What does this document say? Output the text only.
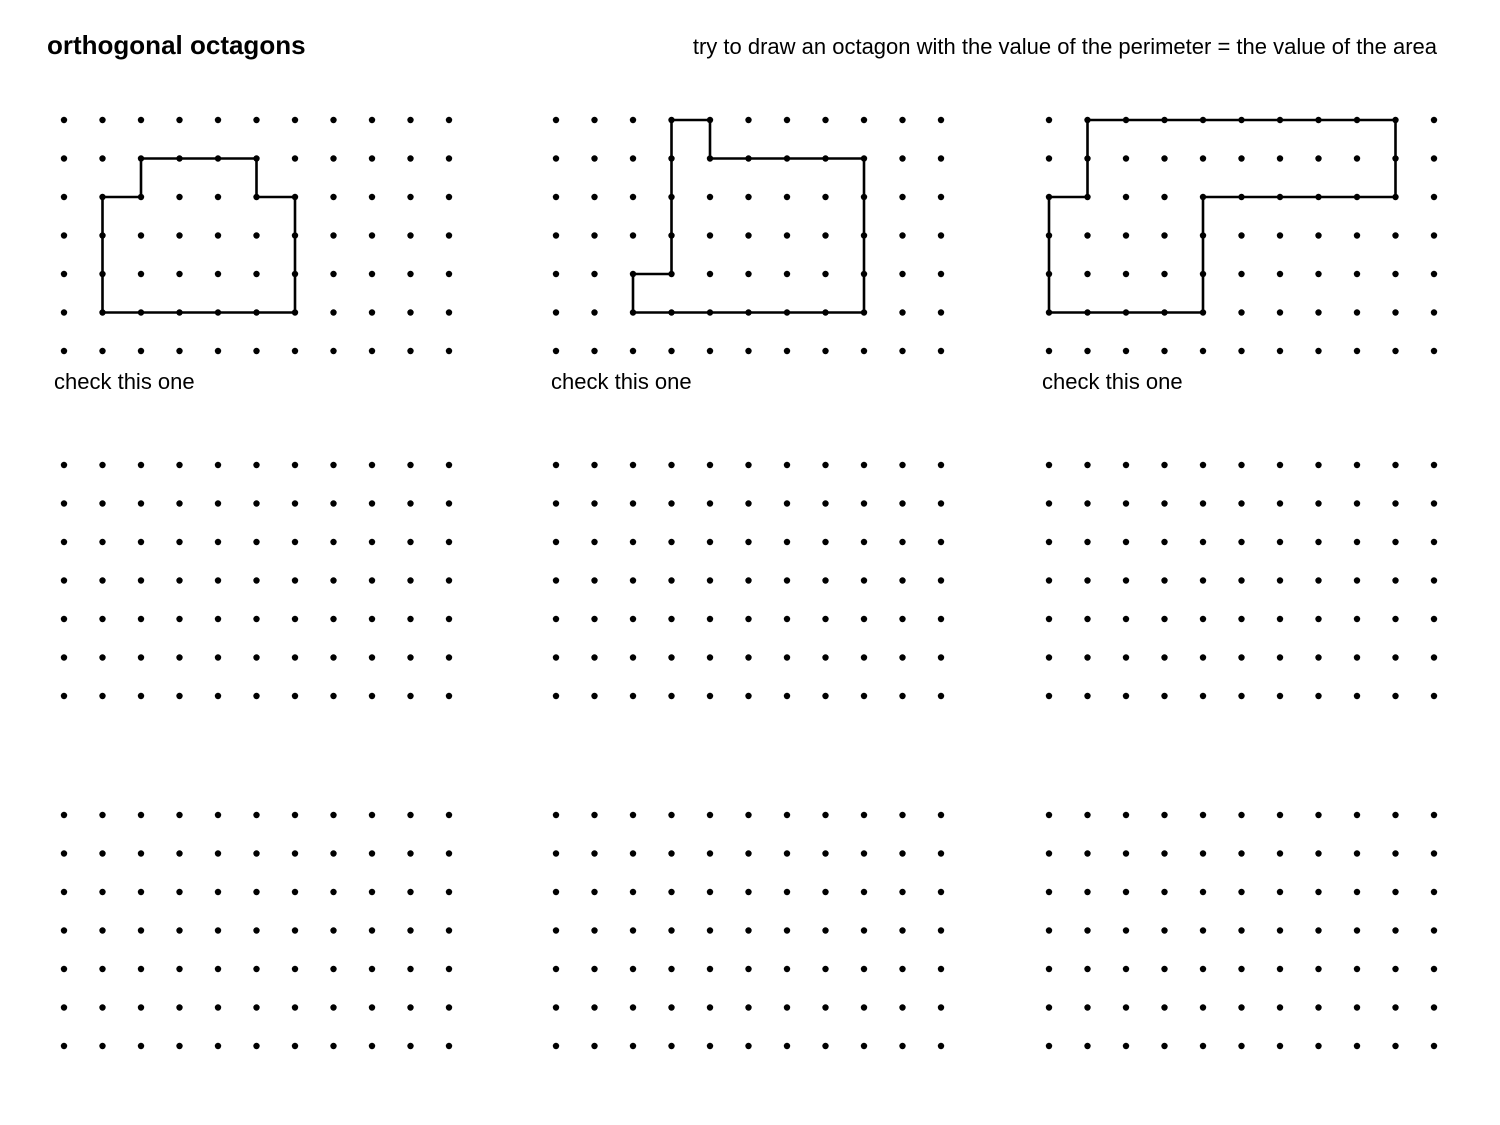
orthogonal octagons	try to draw an octagon with the value of the perimeter = the value of the area
check this one	check this one	check this one
